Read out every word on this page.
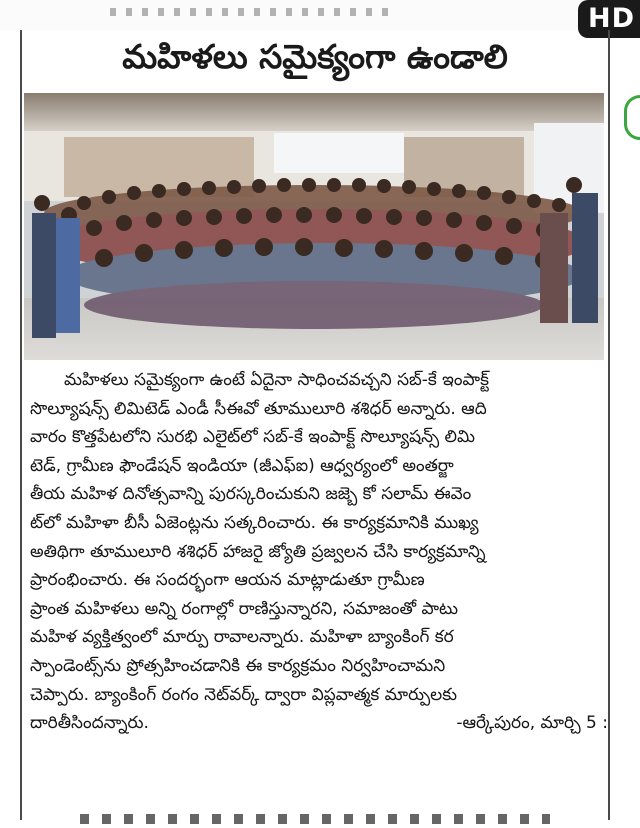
HD
మహిళలు సమైక్యంగా ఉండాలి
మహిళలు సమైక్యంగా ఉంటే ఏదైనా సాధించవచ్చని సబ్-కే ఇంపాక్ట్
సొల్యూషన్స్ లిమిటెడ్ ఎండీ సీఈవో తూములూరి శశిధర్ అన్నారు. ఆది
వారం కొత్తపేటలోని సురభి ఎలైట్‌లో సబ్-కే ఇంపాక్ట్ సొల్యూషన్స్ లిమి
టెడ్, గ్రామీణ ఫౌండేషన్ ఇండియా (జీఎఫ్ఐ) ఆధ్వర్యంలో అంతర్జా
తీయ మహిళ దినోత్సవాన్ని పురస్కరించుకుని జజ్బె కో సలామ్ ఈవెం
ట్‌లో మహిళా బీసీ ఏజెంట్లను సత్కరించారు. ఈ కార్యక్రమానికి ముఖ్య
అతిథిగా తూములూరి శశిధర్ హాజరై జ్యోతి ప్రజ్వలన చేసి కార్యక్రమాన్ని
ప్రారంభించారు. ఈ సందర్భంగా ఆయన మాట్లాడుతూ గ్రామీణ
ప్రాంత మహిళలు అన్ని రంగాల్లో రాణిస్తున్నారని, సమాజంతో పాటు
మహిళ వ్యక్తిత్వంలో మార్పు రావాలన్నారు. మహిళా బ్యాంకింగ్ కర
స్పాండెంట్స్‌ను ప్రోత్సహించడానికి ఈ కార్యక్రమం నిర్వహించామని
చెప్పారు. బ్యాంకింగ్ రంగం నెట్‌వర్క్ ద్వారా విప్లవాత్మక మార్పులకు
దారితీసిందన్నారు.	-ఆర్కేపురం, మార్చి 5 :
